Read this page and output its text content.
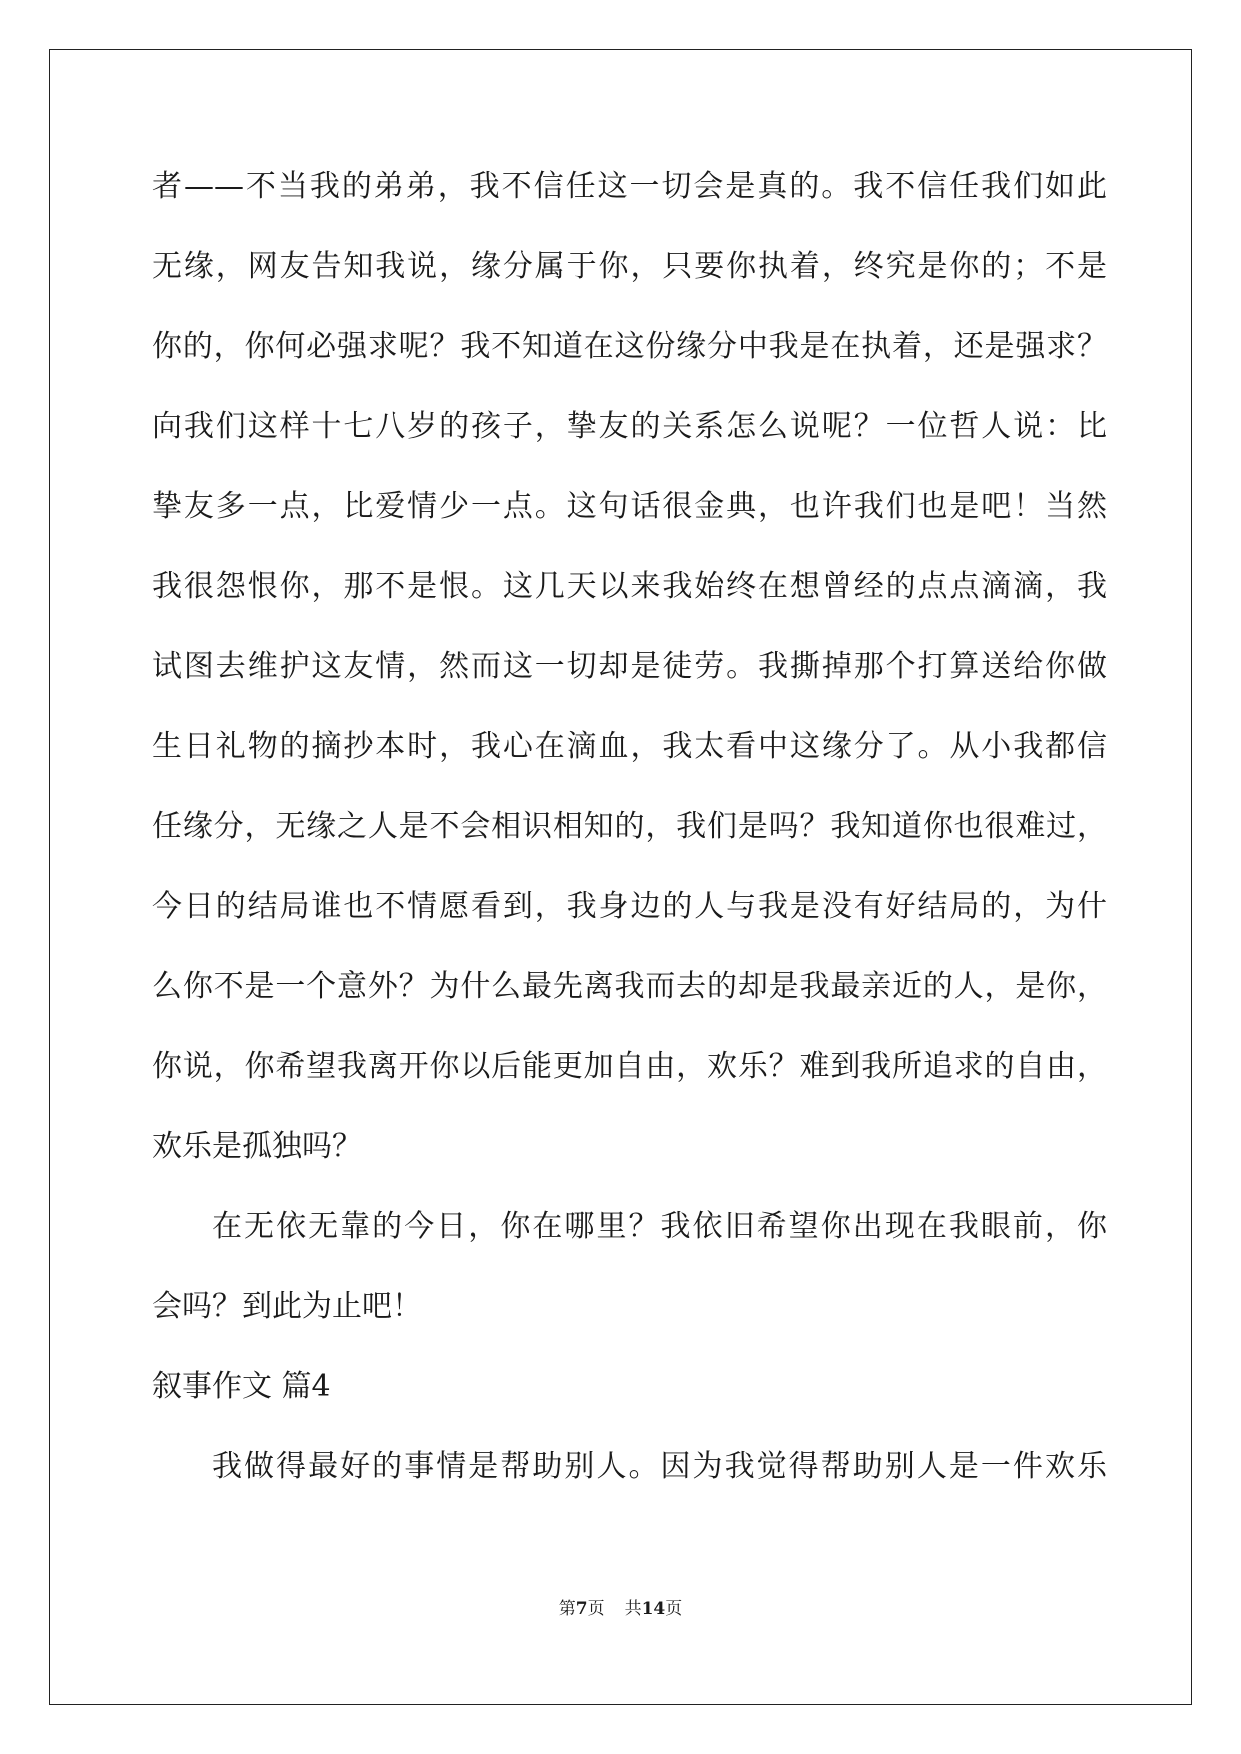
者——不当我的弟弟，我不信任这一切会是真的。我不信任我们如此
无缘，网友告知我说，缘分属于你，只要你执着，终究是你的；不是
你的，你何必强求呢？我不知道在这份缘分中我是在执着，还是强求？
向我们这样十七八岁的孩子，挚友的关系怎么说呢？一位哲人说：比
挚友多一点，比爱情少一点。这句话很金典，也许我们也是吧！当然
我很怨恨你，那不是恨。这几天以来我始终在想曾经的点点滴滴，我
试图去维护这友情，然而这一切却是徒劳。我撕掉那个打算送给你做
生日礼物的摘抄本时，我心在滴血，我太看中这缘分了。从小我都信
任缘分，无缘之人是不会相识相知的，我们是吗？我知道你也很难过，
今日的结局谁也不情愿看到，我身边的人与我是没有好结局的，为什
么你不是一个意外？为什么最先离我而去的却是我最亲近的人，是你，
你说，你希望我离开你以后能更加自由，欢乐？难到我所追求的自由，
欢乐是孤独吗？
在无依无靠的今日，你在哪里？我依旧希望你出现在我眼前，你
会吗？到此为止吧！
叙事作文 篇4
我做得最好的事情是帮助别人。因为我觉得帮助别人是一件欢乐
第7页 共14页
